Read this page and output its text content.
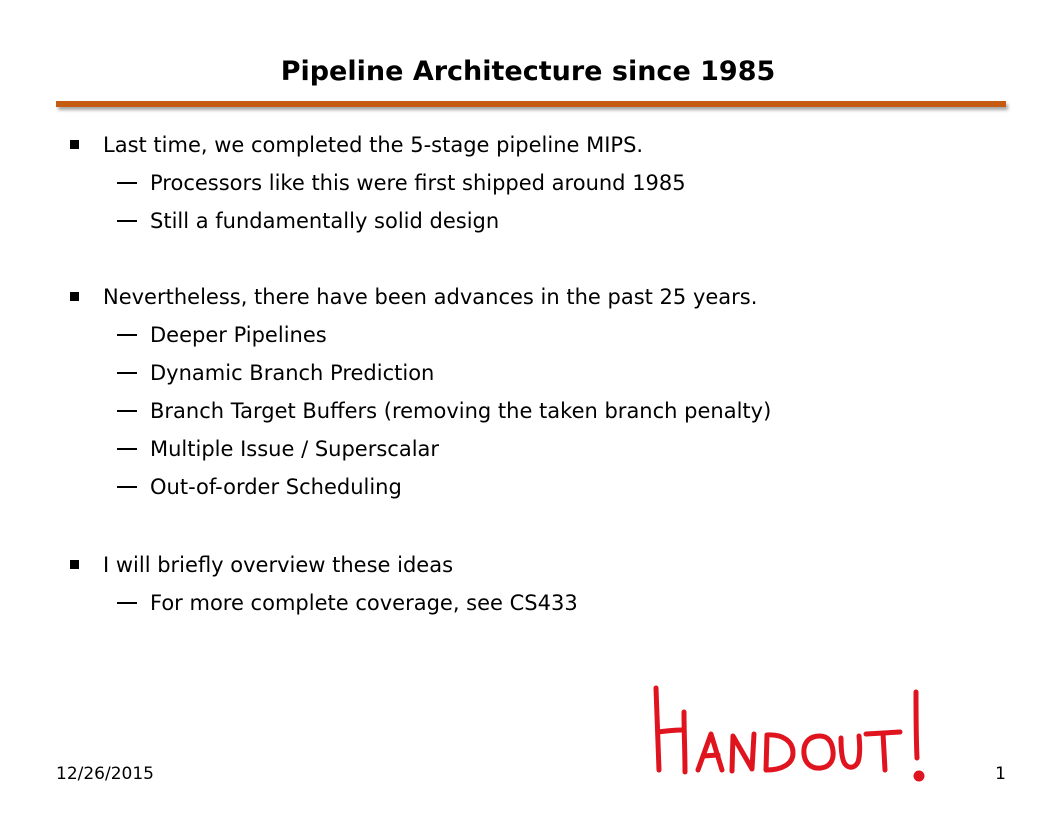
Pipeline Architecture since 1985
Last time, we completed the 5-stage pipeline MIPS.
Processors like this were first shipped around 1985
Still a fundamentally solid design
Nevertheless, there have been advances in the past 25 years.
Deeper Pipelines
Dynamic Branch Prediction
Branch Target Buffers (removing the taken branch penalty)
Multiple Issue / Superscalar
Out-of-order Scheduling
I will briefly overview these ideas
For more complete coverage, see CS433
12/26/2015	1
